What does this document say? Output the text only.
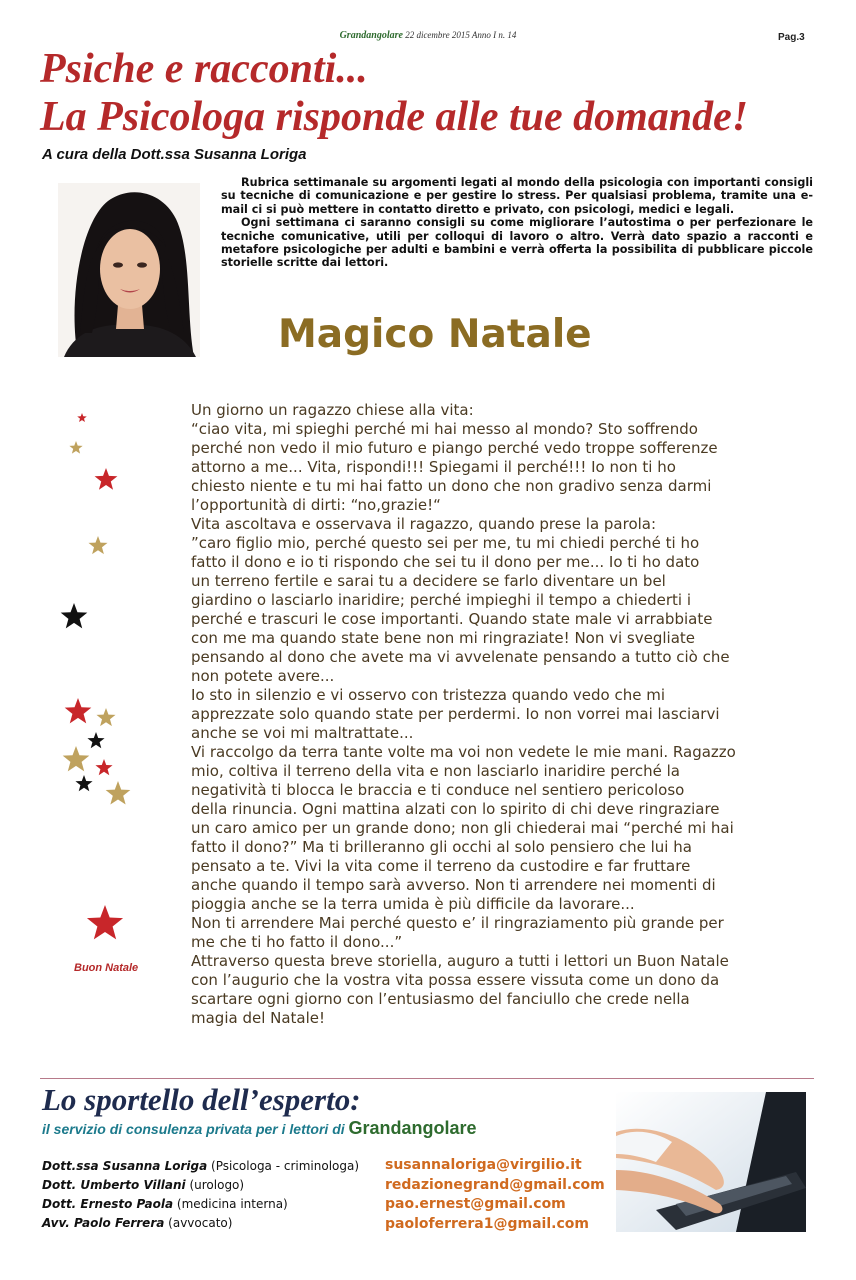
Grandangolare 22 dicembre 2015 Anno I n. 14	Pag.3
Psiche e racconti...
La Psicologa risponde alle tue domande!
A cura della Dott.ssa Susanna Loriga

Rubrica settimanale su argomenti legati al mondo della psicologia con importanti consigli su tecniche di comunicazione e per gestire lo stress. Per qualsiasi problema, tramite una e-mail ci si può mettere in contatto diretto e privato, con psicologi, medici e legali.

Ogni settimana ci saranno consigli su come migliorare l’autostima o per perfezionare le tecniche comunicative, utili per colloqui di lavoro o altro. Verrà dato spazio a racconti e metafore psicologiche per adulti e bambini e verrà offerta la possibilita di pubblicare piccole storielle scritte dai lettori.

Magico Natale
Un giorno un ragazzo chiese alla vita:
“ciao vita, mi spieghi perché mi hai messo al mondo? Sto soffrendo
perché non vedo il mio futuro e piango perché vedo troppe sofferenze
attorno a me... Vita, rispondi!!! Spiegami il perché!!! Io non ti ho
chiesto niente e tu mi hai fatto un dono che non gradivo senza darmi
l’opportunità di dirti: “no,grazie!“
Vita ascoltava e osservava il ragazzo, quando prese la parola:
”caro figlio mio, perché questo sei per me, tu mi chiedi perché ti ho
fatto il dono e io ti rispondo che sei tu il dono per me... Io ti ho dato
un terreno fertile e sarai tu a decidere se farlo diventare un bel
giardino o lasciarlo inaridire; perché impieghi il tempo a chiederti i
perché e trascuri le cose importanti. Quando state male vi arrabbiate
con me ma quando state bene non mi ringraziate! Non vi svegliate
pensando al dono che avete ma vi avvelenate pensando a tutto ciò che
non potete avere...
Io sto in silenzio e vi osservo con tristezza quando vedo che mi
apprezzate solo quando state per perdermi. Io non vorrei mai lasciarvi
anche se voi mi maltrattate...
Vi raccolgo da terra tante volte ma voi non vedete le mie mani. Ragazzo
mio, coltiva il terreno della vita e non lasciarlo inaridire perché la
negatività ti blocca le braccia e ti conduce nel sentiero pericoloso
della rinuncia. Ogni mattina alzati con lo spirito di chi deve ringraziare
un caro amico per un grande dono; non gli chiederai mai “perché mi hai
fatto il dono?” Ma ti brilleranno gli occhi al solo pensiero che lui ha
pensato a te. Vivi la vita come il terreno da custodire e far fruttare
anche quando il tempo sarà avverso. Non ti arrendere nei momenti di
pioggia anche se la terra umida è più difficile da lavorare...
Non ti arrendere Mai perché questo e’ il ringraziamento più grande per
me che ti ho fatto il dono...”
Attraverso questa breve storiella, auguro a tutti i lettori un Buon Natale
con l’augurio che la vostra vita possa essere vissuta come un dono da
scartare ogni giorno con l’entusiasmo del fanciullo che crede nella
magia del Natale!
Buon Natale
Lo sportello dell’esperto:
il servizio di consulenza privata per i lettori di Grandangolare
Dott.ssa Susanna Loriga (Psicologa - criminologa)
Dott. Umberto Villani (urologo)
Dott. Ernesto Paola (medicina interna)
Avv. Paolo Ferrera (avvocato)
susannaloriga@virgilio.it
redazionegrand@gmail.com
pao.ernest@gmail.com
paoloferrera1@gmail.com
